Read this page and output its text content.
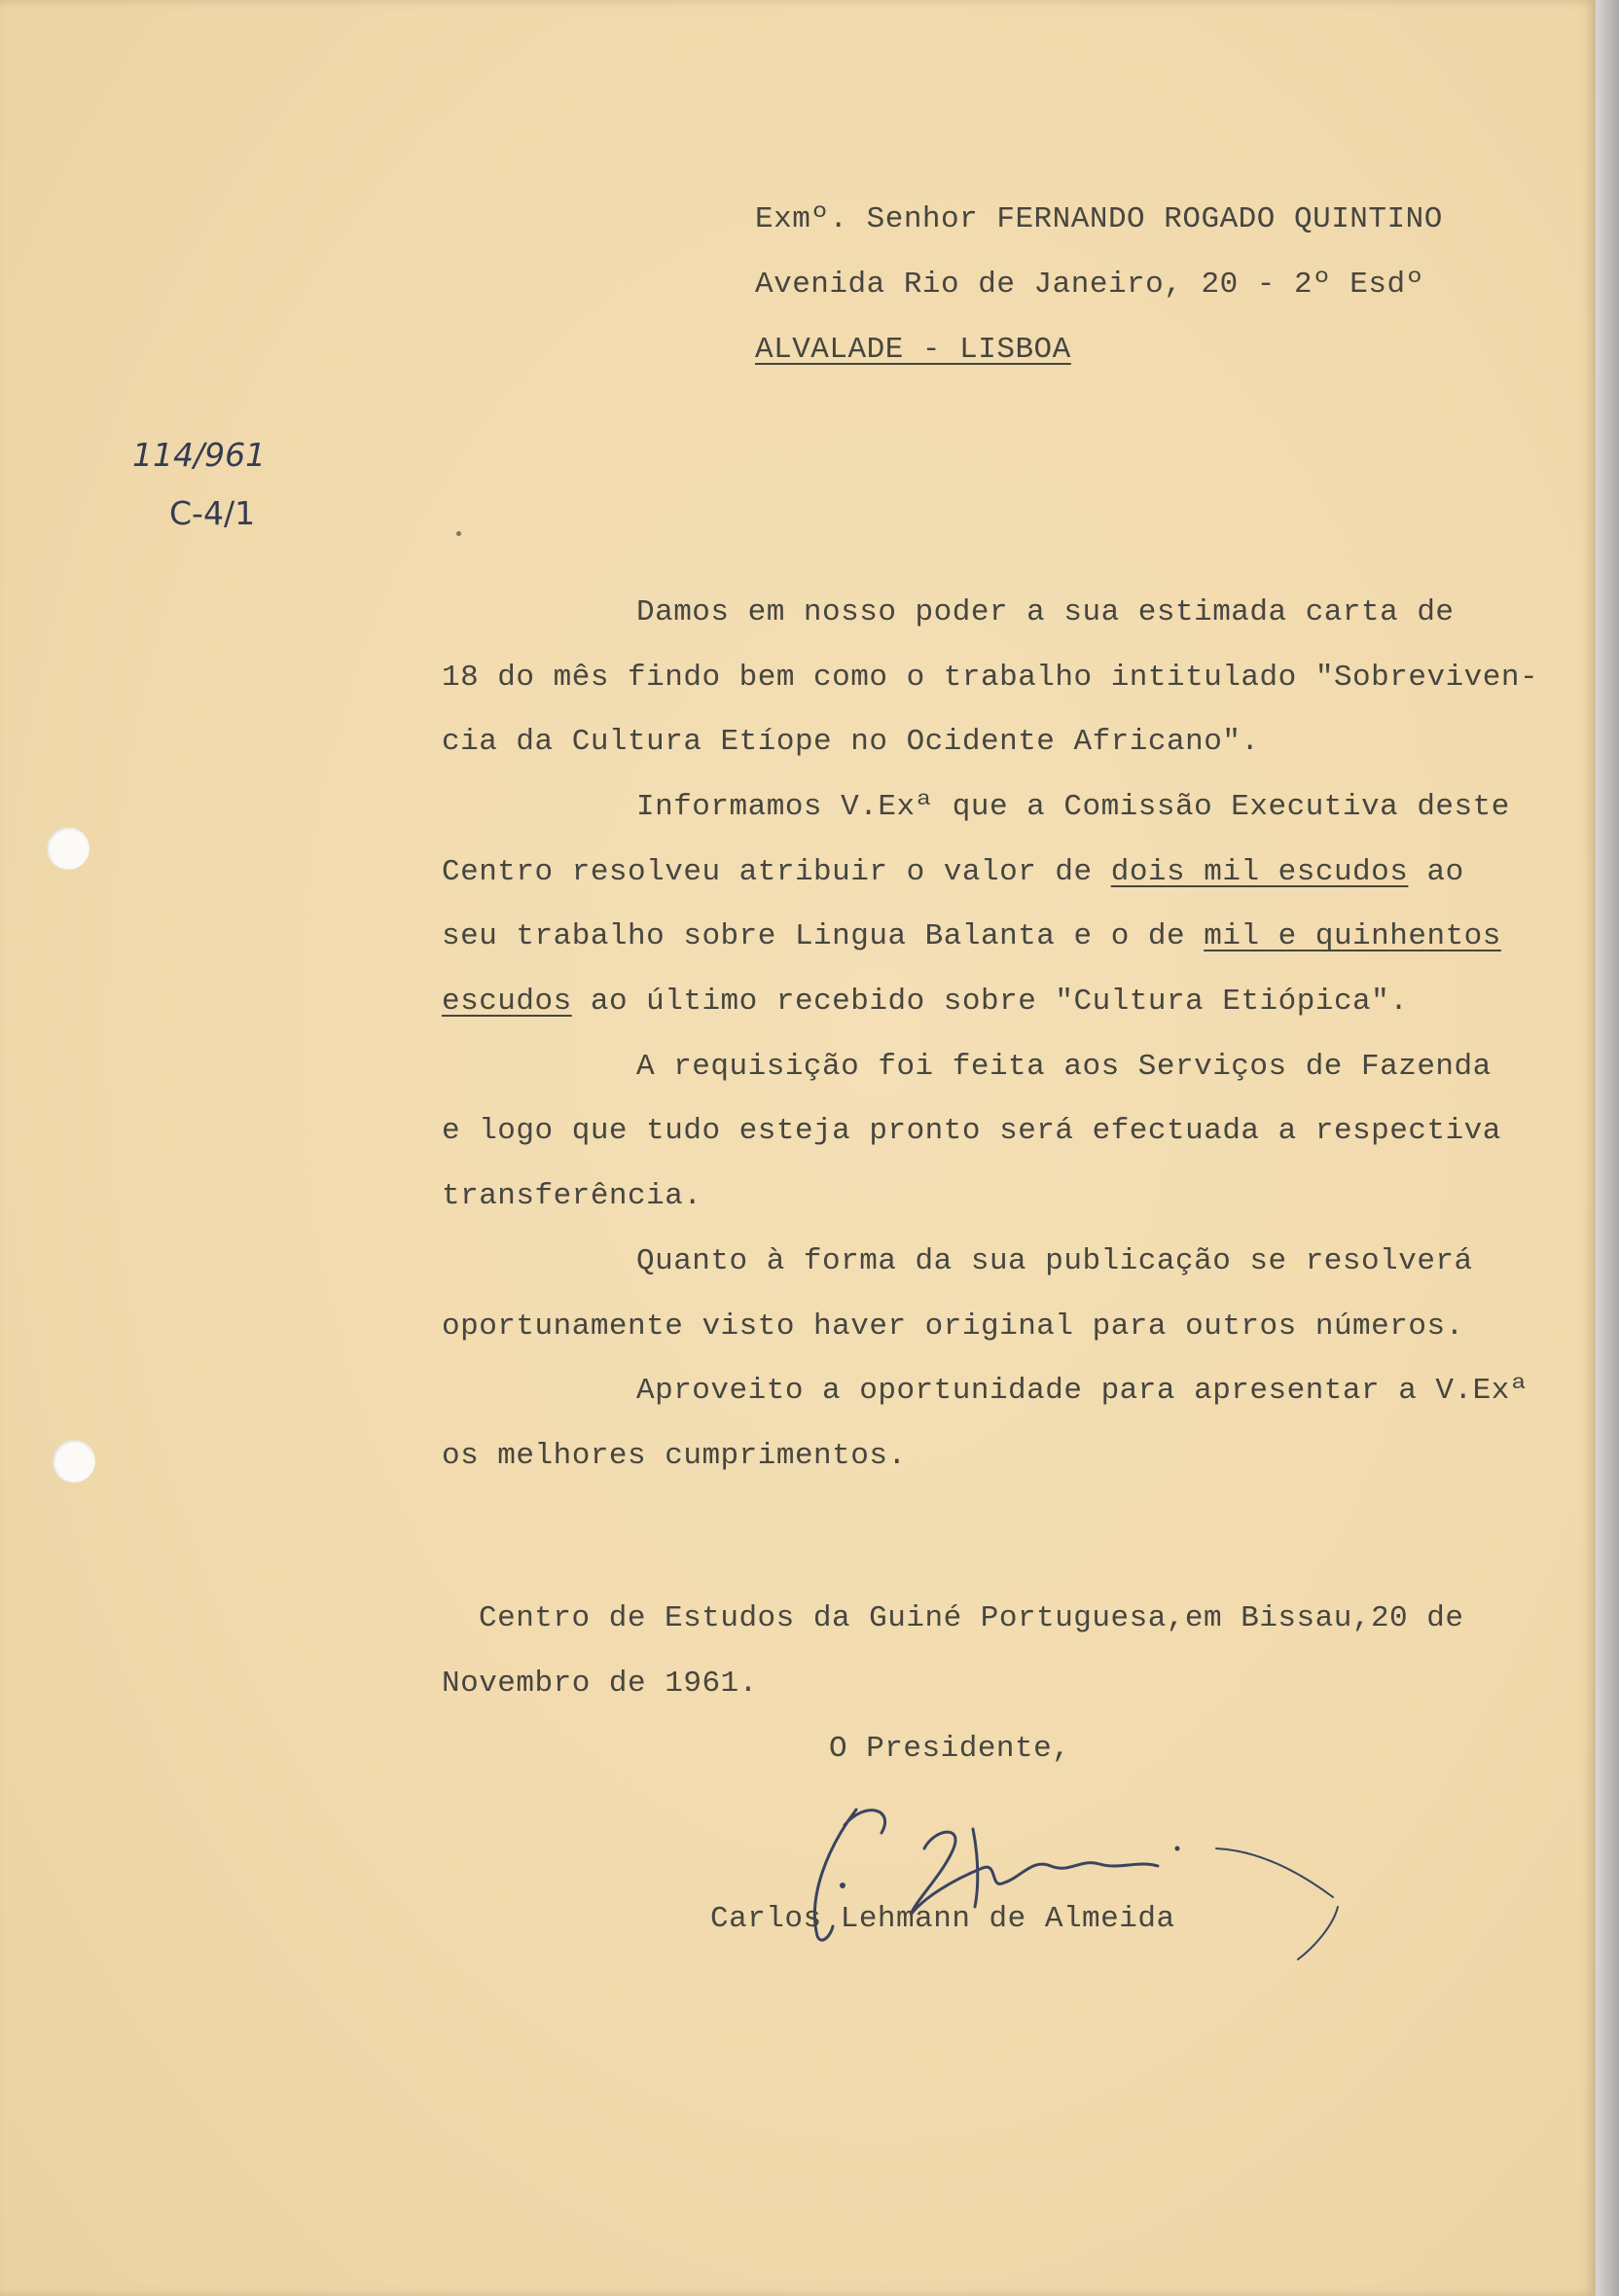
Exmº. Senhor FERNANDO ROGADO QUINTINO
Avenida Rio de Janeiro, 20 - 2º Esdº
ALVALADE - LISBOA
114/961
C-4/1
Damos em nosso poder a sua estimada carta de
18 do mês findo bem como o trabalho intitulado "Sobreviven-
cia da Cultura Etíope no Ocidente Africano".
Informamos V.Exª que a Comissão Executiva deste
Centro resolveu atribuir o valor de dois mil escudos ao
seu trabalho sobre Lingua Balanta e o de mil e quinhentos
escudos ao último recebido sobre "Cultura Etiópica".
A requisição foi feita aos Serviços de Fazenda
e logo que tudo esteja pronto será efectuada a respectiva
transferência.
Quanto à forma da sua publicação se resolverá
oportunamente visto haver original para outros números.
Aproveito a oportunidade para apresentar a V.Exª
os melhores cumprimentos.
Centro de Estudos da Guiné Portuguesa,em Bissau,20 de
Novembro de 1961.
O Presidente,
Carlos Lehmann de Almeida
